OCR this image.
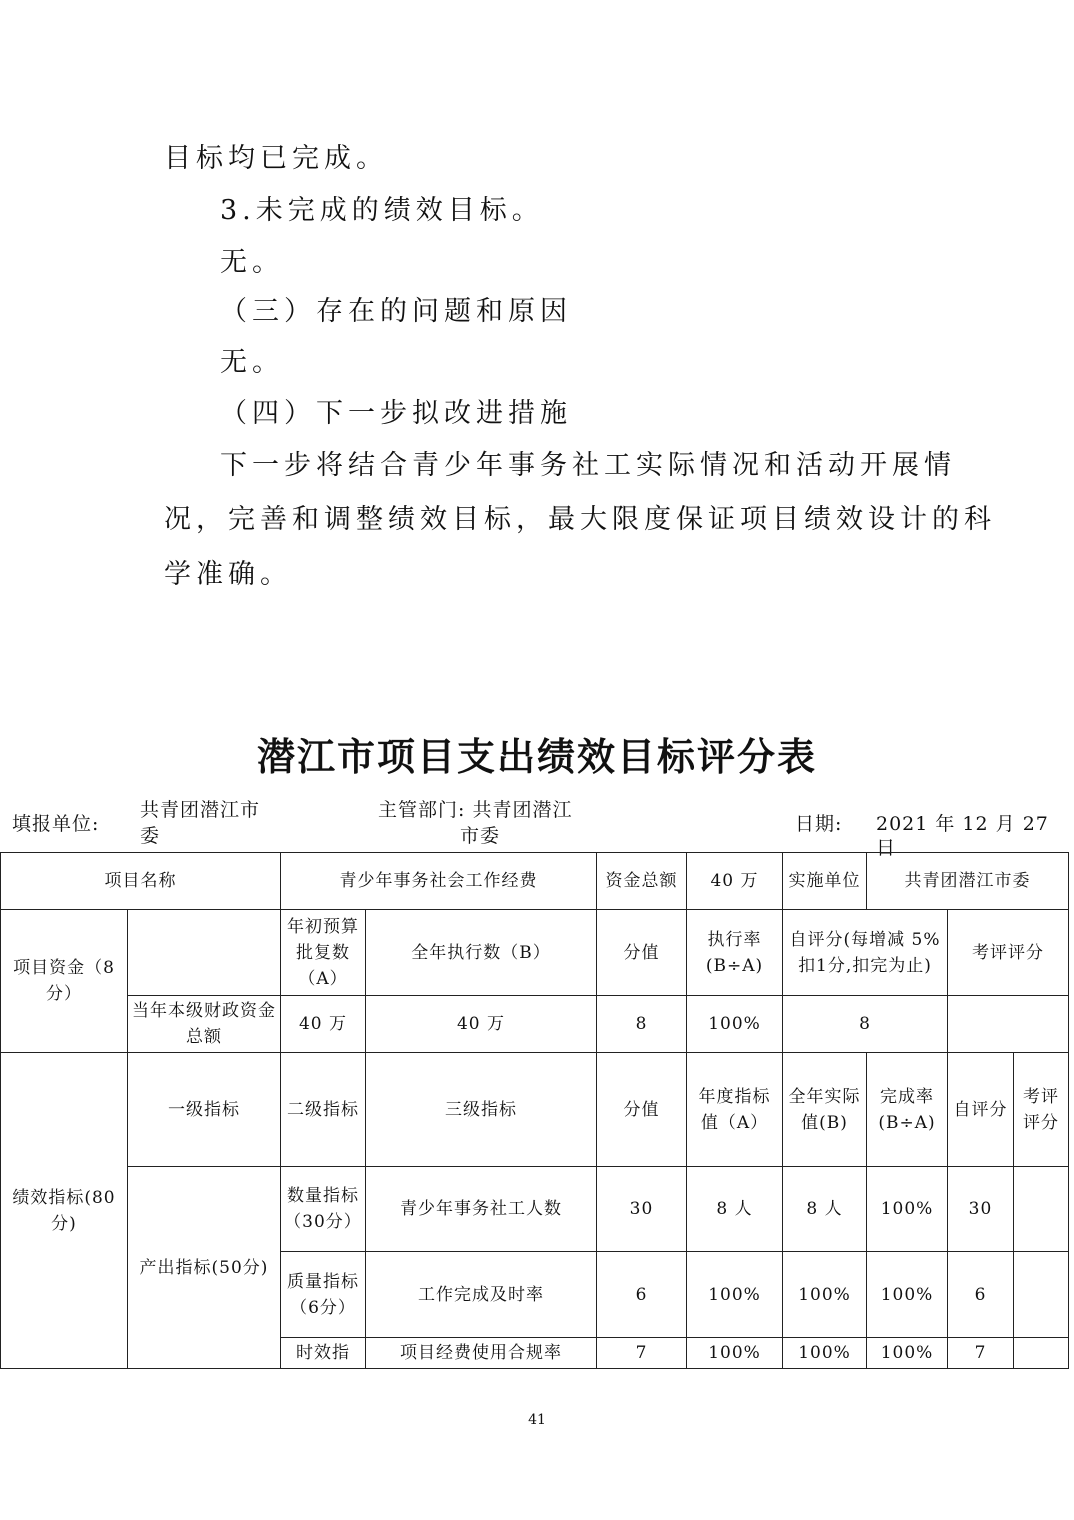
目标均已完成。
3.未完成的绩效目标。
无。
（三）存在的问题和原因
无。
（四）下一步拟改进措施
下一步将结合青少年事务社工实际情况和活动开展情
况，完善和调整绩效目标，最大限度保证项目绩效设计的科
学准确。
潜江市项目支出绩效目标评分表
填报单位:
共青团潜江市
委
主管部门: 共青团潜江
市委
日期: 2021 年 12 月 27 日
项目名称		青少年事务社会工作经费		资金总额	40 万	实施单位	共青团潜江市委		
项目资金（8分）		年初预算批复数（A）	全年执行数（B）	分值	执行率(B÷A)	自评分(每增减 5%扣1分,扣完为止)		考评评分	
	当年本级财政资金总额	40 万	40 万	8	100%	8			
绩效指标(80分)	一级指标	二级指标	三级指标	分值	年度指标值（A）	全年实际值(B)	完成率(B÷A)	自评分	考评评分
	产出指标(50分)	数量指标（30分）	青少年事务社工人数	30	8 人	8 人	100%	30	
		质量指标（6分）	工作完成及时率	6	100%	100%	100%	6	
		时效指	项目经费使用合规率	7	100%	100%	100%	7	
41
